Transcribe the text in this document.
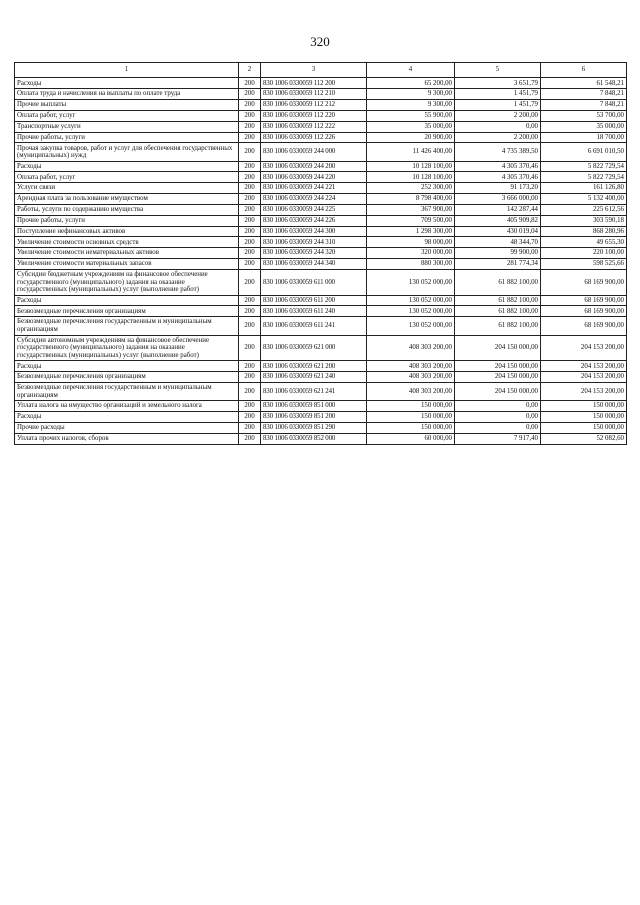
320
1	2	3	4	5	6
Расходы	200	830 1006 0330059 112 200	65 200,00	3 651,79	61 548,21
Оплата труда и начисления на выплаты по оплате труда	200	830 1006 0330059 112 210	9 300,00	1 451,79	7 848,21
Прочие выплаты	200	830 1006 0330059 112 212	9 300,00	1 451,79	7 848,21
Оплата работ, услуг	200	830 1006 0330059 112 220	55 900,00	2 200,00	53 700,00
Транспортные услуги	200	830 1006 0330059 112 222	35 000,00	0,00	35 000,00
Прочие работы, услуги	200	830 1006 0330059 112 226	20 900,00	2 200,00	18 700,00
Прочая закупка товаров, работ и услуг для обеспечения государственных (муниципальных) нужд	200	830 1006 0330059 244 000	11 426 400,00	4 735 389,50	6 691 010,50
Расходы	200	830 1006 0330059 244 200	10 128 100,00	4 305 370,46	5 822 729,54
Оплата работ, услуг	200	830 1006 0330059 244 220	10 128 100,00	4 305 370,46	5 822 729,54
Услуги связи	200	830 1006 0330059 244 221	252 300,00	91 173,20	161 126,80
Арендная плата за пользование имуществом	200	830 1006 0330059 244 224	8 798 400,00	3 666 000,00	5 132 400,00
Работы, услуги по содержанию имущества	200	830 1006 0330059 244 225	367 900,00	142 287,44	225 612,56
Прочие работы, услуги	200	830 1006 0330059 244 226	709 500,00	405 909,82	303 590,18
Поступление нефинансовых активов	200	830 1006 0330059 244 300	1 298 300,00	430 019,04	868 280,96
Увеличение стоимости основных средств	200	830 1006 0330059 244 310	98 000,00	48 344,70	49 655,30
Увеличение стоимости нематериальных активов	200	830 1006 0330059 244 320	320 000,00	99 900,00	220 100,00
Увеличение стоимости материальных запасов	200	830 1006 0330059 244 340	880 300,00	281 774,34	598 525,66
Субсидии бюджетным учреждениям на финансовое обеспечение государственного (муниципального) задания на оказание государственных (муниципальных) услуг (выполнение работ)	200	830 1006 0330059 611 000	130 052 000,00	61 882 100,00	68 169 900,00
Расходы	200	830 1006 0330059 611 200	130 052 000,00	61 882 100,00	68 169 900,00
Безвозмездные перечисления организациям	200	830 1006 0330059 611 240	130 052 000,00	61 882 100,00	68 169 900,00
Безвозмездные перечисления государственным и муниципальным организациям	200	830 1006 0330059 611 241	130 052 000,00	61 882 100,00	68 169 900,00
Субсидии автономным учреждениям на финансовое обеспечение государственного (муниципального) задания на оказание государственных (муниципальных) услуг (выполнение работ)	200	830 1006 0330059 621 000	408 303 200,00	204 150 000,00	204 153 200,00
Расходы	200	830 1006 0330059 621 200	408 303 200,00	204 150 000,00	204 153 200,00
Безвозмездные перечисления организациям	200	830 1006 0330059 621 240	408 303 200,00	204 150 000,00	204 153 200,00
Безвозмездные перечисления государственным и муниципальным организациям	200	830 1006 0330059 621 241	408 303 200,00	204 150 000,00	204 153 200,00
Уплата налога на имущество организаций и земельного налога	200	830 1006 0330059 851 000	150 000,00	0,00	150 000,00
Расходы	200	830 1006 0330059 851 200	150 000,00	0,00	150 000,00
Прочие расходы	200	830 1006 0330059 851 290	150 000,00	0,00	150 000,00
Уплата прочих налогов, сборов	200	830 1006 0330059 852 000	60 000,00	7 917,40	52 082,60
